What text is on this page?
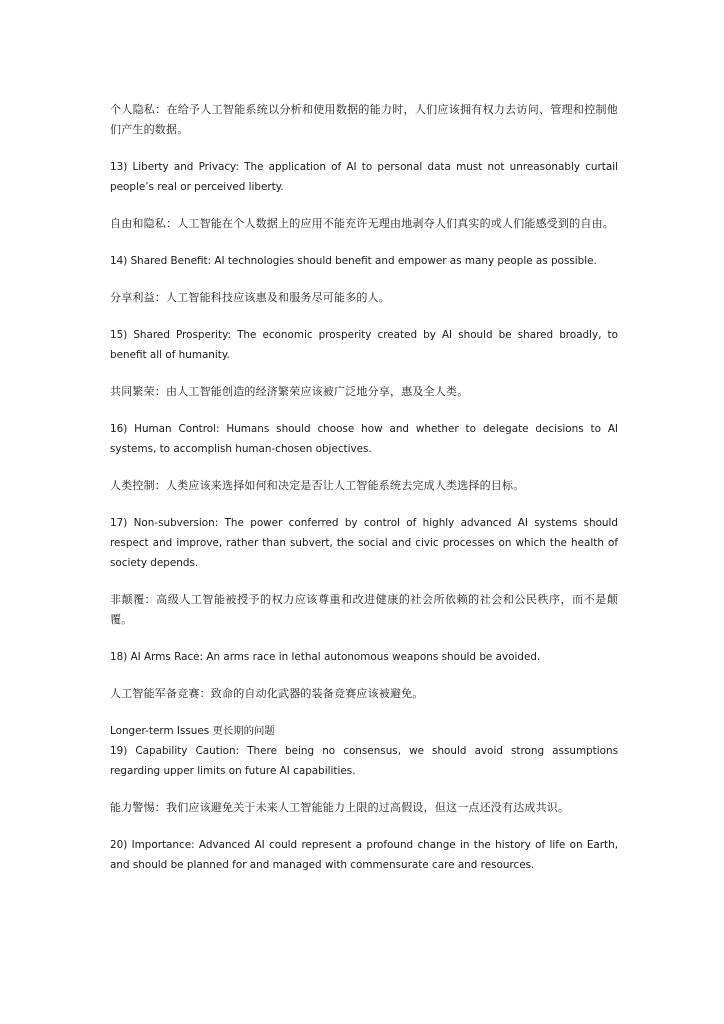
个人隐私：在给予人工智能系统以分析和使用数据的能力时，人们应该拥有权力去访问、管理和控制他们产生的数据。

13) Liberty and Privacy: The application of AI to personal data must not unreasonably curtail people’s real or perceived liberty.

自由和隐私：人工智能在个人数据上的应用不能充许无理由地剥夺人们真实的或人们能感受到的自由。

14) Shared Benefit: AI technologies should benefit and empower as many people as possible.

分享利益：人工智能科技应该惠及和服务尽可能多的人。

15) Shared Prosperity: The economic prosperity created by AI should be shared broadly, to benefit all of humanity.

共同繁荣：由人工智能创造的经济繁荣应该被广泛地分享，惠及全人类。

16) Human Control: Humans should choose how and whether to delegate decisions to AI systems, to accomplish human-chosen objectives.

人类控制：人类应该来选择如何和决定是否让人工智能系统去完成人类选择的目标。

17) Non-subversion: The power conferred by control of highly advanced AI systems should respect and improve, rather than subvert, the social and civic processes on which the health of society depends.

非颠覆：高级人工智能被授予的权力应该尊重和改进健康的社会所依赖的社会和公民秩序，而不是颠覆。

18) AI Arms Race: An arms race in lethal autonomous weapons should be avoided.

人工智能军备竞赛：致命的自动化武器的装备竞赛应该被避免。

Longer-term Issues 更长期的问题

19) Capability Caution: There being no consensus, we should avoid strong assumptions regarding upper limits on future AI capabilities.

能力警惕：我们应该避免关于未来人工智能能力上限的过高假设，但这一点还没有达成共识。

20) Importance: Advanced AI could represent a profound change in the history of life on Earth, and should be planned for and managed with commensurate care and resources.
